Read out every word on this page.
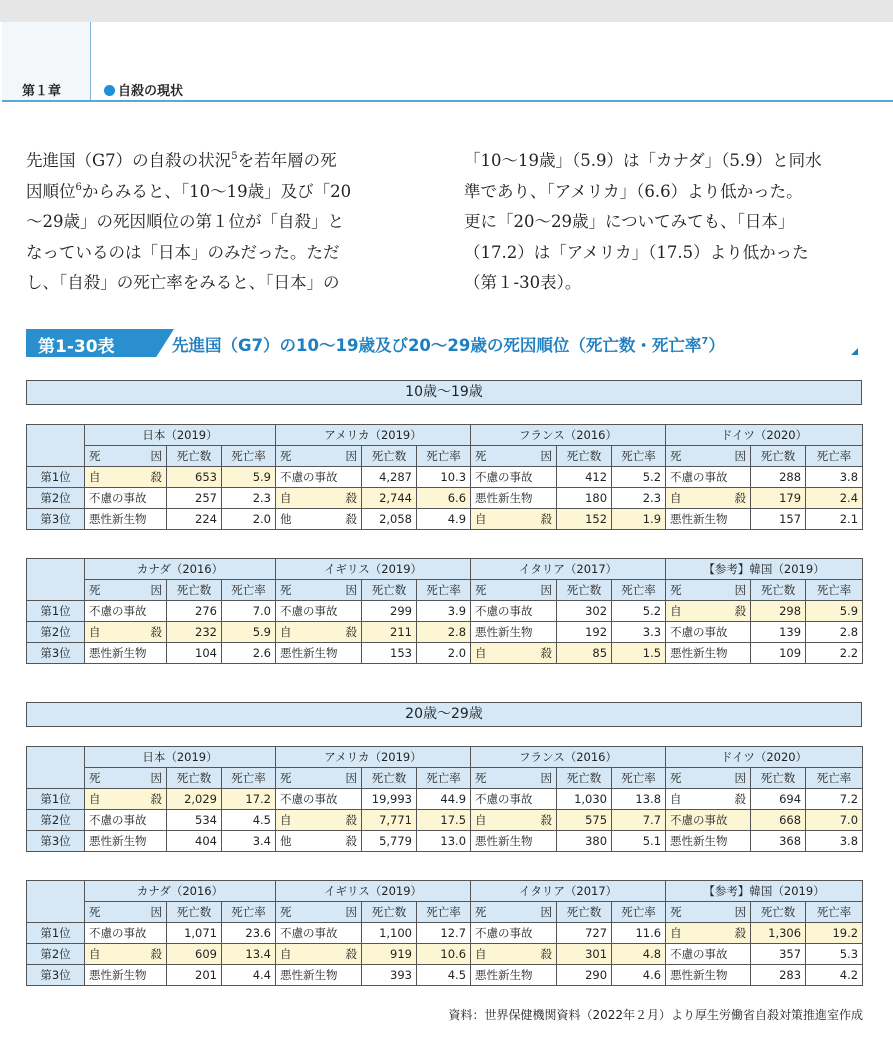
第１章	自殺の現状
先進国（G7）の自殺の状況$^5$を若年層の死
因順位$^6$からみると、「10～19歳」及び「20
～29歳」の死因順位の第１位が「自殺」と
なっているのは「日本」のみだった。ただ
し、「自殺」の死亡率をみると、「日本」の
「10～19歳」（5.9）は「カナダ」（5.9）と同水
準であり、「アメリカ」（6.6）より低かった。
更に「20～29歳」についてみても、「日本」
（17.2）は「アメリカ」（17.5）より低かった
（第１-30表）。
第1-30表	先進国（G7）の10～19歳及び20～29歳の死因順位（死亡数・死亡率$^7$）
10歳～19歳
	日本（2019）			アメリカ（2019）			フランス（2016）			ドイツ（2020）		

	死 因	死亡数	死亡率	死 因	死亡数	死亡率	死 因	死亡数	死亡率	死 因	死亡数	死亡率
第1位	自 殺	653	5.9	不慮の事故	4,287	10.3	不慮の事故	412	5.2	不慮の事故	288	3.8
第2位	不慮の事故	257	2.3	自 殺	2,744	6.6	悪性新生物	180	2.3	自 殺	179	2.4
第3位	悪性新生物	224	2.0	他 殺	2,058	4.9	自 殺	152	1.9	悪性新生物	157	2.1
	カナダ（2016）			イギリス（2019）			イタリア（2017）			【参考】韓国（2019）		

	死 因	死亡数	死亡率	死 因	死亡数	死亡率	死 因	死亡数	死亡率	死 因	死亡数	死亡率
第1位	不慮の事故	276	7.0	不慮の事故	299	3.9	不慮の事故	302	5.2	自 殺	298	5.9
第2位	自 殺	232	5.9	自 殺	211	2.8	悪性新生物	192	3.3	不慮の事故	139	2.8
第3位	悪性新生物	104	2.6	悪性新生物	153	2.0	自 殺	85	1.5	悪性新生物	109	2.2
20歳～29歳
	日本（2019）			アメリカ（2019）			フランス（2016）			ドイツ（2020）		

	死 因	死亡数	死亡率	死 因	死亡数	死亡率	死 因	死亡数	死亡率	死 因	死亡数	死亡率
第1位	自 殺	2,029	17.2	不慮の事故	19,993	44.9	不慮の事故	1,030	13.8	自 殺	694	7.2
第2位	不慮の事故	534	4.5	自 殺	7,771	17.5	自 殺	575	7.7	不慮の事故	668	7.0
第3位	悪性新生物	404	3.4	他 殺	5,779	13.0	悪性新生物	380	5.1	悪性新生物	368	3.8
	カナダ（2016）			イギリス（2019）			イタリア（2017）			【参考】韓国（2019）		

	死 因	死亡数	死亡率	死 因	死亡数	死亡率	死 因	死亡数	死亡率	死 因	死亡数	死亡率
第1位	不慮の事故	1,071	23.6	不慮の事故	1,100	12.7	不慮の事故	727	11.6	自 殺	1,306	19.2
第2位	自 殺	609	13.4	自 殺	919	10.6	自 殺	301	4.8	不慮の事故	357	5.3
第3位	悪性新生物	201	4.4	悪性新生物	393	4.5	悪性新生物	290	4.6	悪性新生物	283	4.2
資料：世界保健機関資料（2022年２月）より厚生労働省自殺対策推進室作成
